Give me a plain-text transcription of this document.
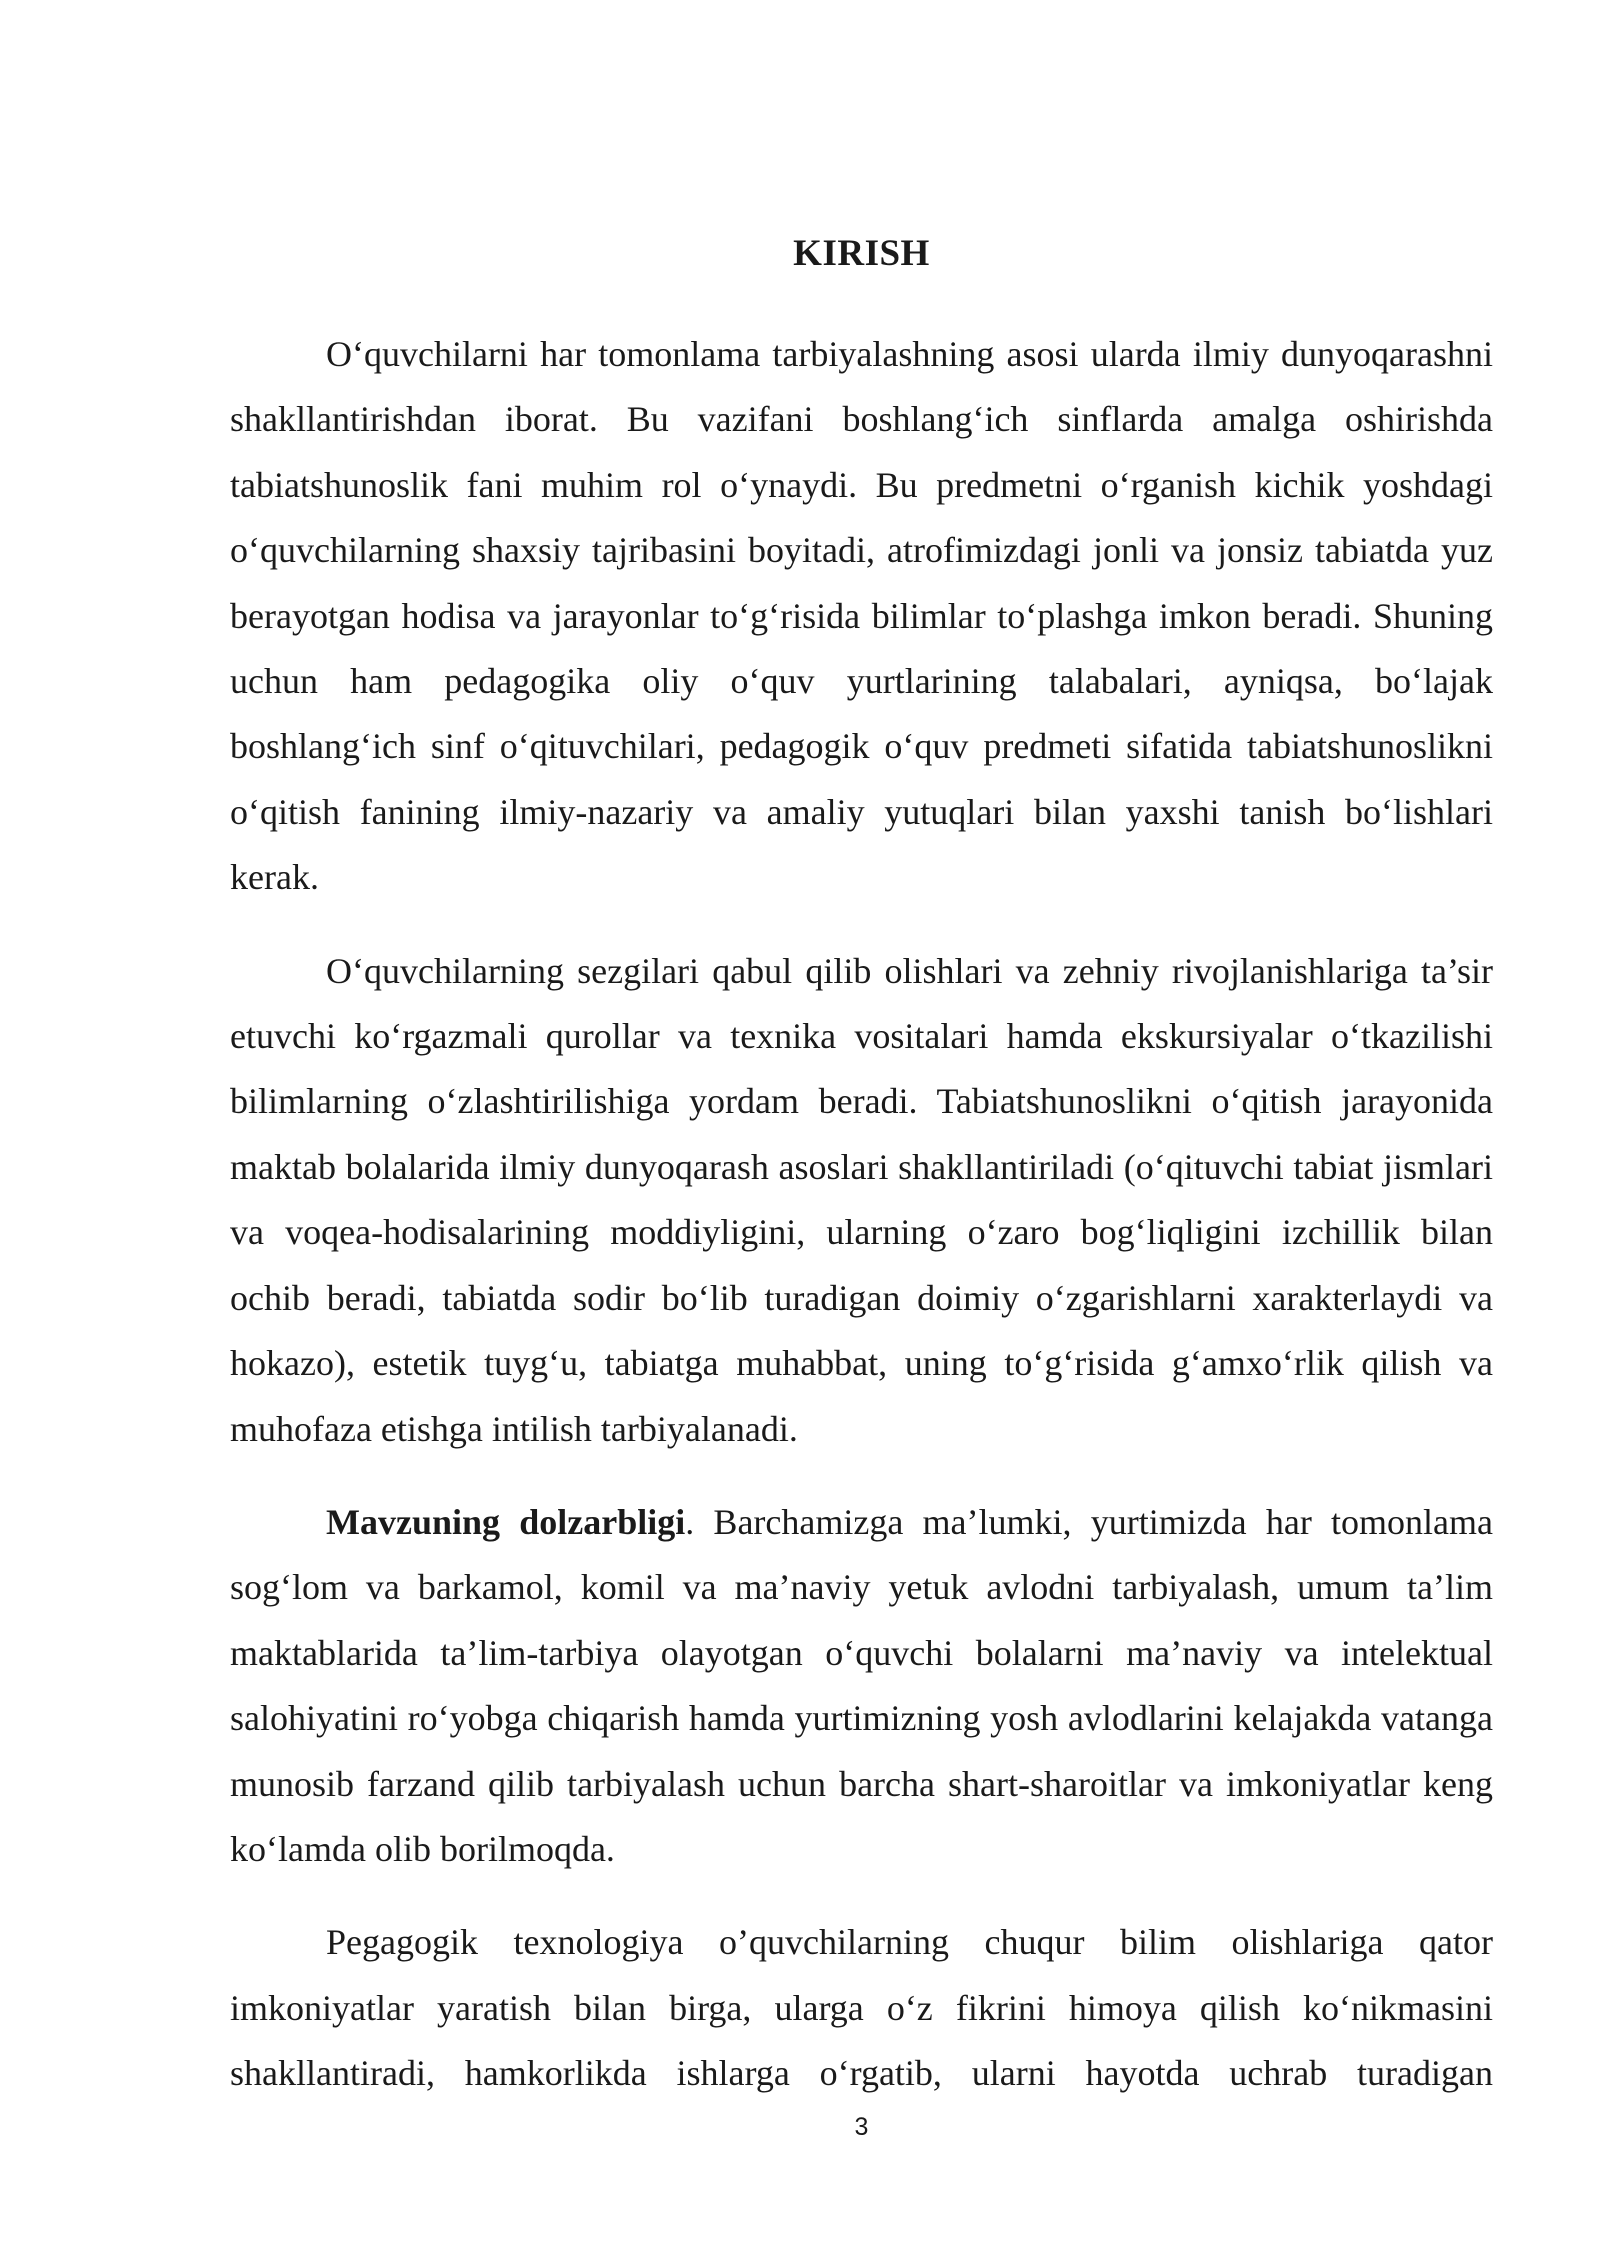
KIRISH

O‘quvchilarni har tomonlama tarbiyalashning asosi ularda ilmiy dunyoqarashni shakllantirishdan iborat. Bu vazifani boshlang‘ich sinflarda amalga oshirishda tabiatshunoslik fani muhim rol o‘ynaydi. Bu predmetni o‘rganish kichik yoshdagi o‘quvchilarning shaxsiy tajribasini boyitadi, atrofimizdagi jonli va jonsiz tabiatda yuz berayotgan hodisa va jarayonlar to‘g‘risida bilimlar to‘plashga imkon beradi. Shuning uchun ham pedagogika oliy o‘quv yurtlarining talabalari, ayniqsa, bo‘lajak boshlang‘ich sinf o‘qituvchilari, pedagogik o‘quv predmeti sifatida tabiatshunoslikni o‘qitish fanining ilmiy-nazariy va amaliy yutuqlari bilan yaxshi tanish bo‘lishlari kerak.

O‘quvchilarning sezgilari qabul qilib olishlari va zehniy rivojlanishlariga ta’sir etuvchi ko‘rgazmali qurollar va texnika vositalari hamda ekskursiyalar o‘tkazilishi bilimlarning o‘zlashtirilishiga yordam beradi. Tabiatshunoslikni o‘qitish jarayonida maktab bolalarida ilmiy dunyoqarash asoslari shakllantiriladi (o‘qituvchi tabiat jismlari va voqea-hodisalarining moddiyligini, ularning o‘zaro bog‘liqligini izchillik bilan ochib beradi, tabiatda sodir bo‘lib turadigan doimiy o‘zgarishlarni xarakterlaydi va hokazo), estetik tuyg‘u, tabiatga muhabbat, uning to‘g‘risida g‘amxo‘rlik qilish va muhofaza etishga intilish tarbiyalanadi.

Mavzuning dolzarbligi. Barchamizga ma’lumki, yurtimizda har tomonlama sog‘lom va barkamol, komil va ma’naviy yetuk avlodni tarbiyalash, umum ta’lim maktablarida ta’lim-tarbiya olayotgan o‘quvchi bolalarni ma’naviy va intelektual salohiyatini ro‘yobga chiqarish hamda yurtimizning yosh avlodlarini kelajakda vatanga munosib farzand qilib tarbiyalash uchun barcha shart-sharoitlar va imkoniyatlar keng ko‘lamda olib borilmoqda.

Pegagogik texnologiya o’quvchilarning chuqur bilim olishlariga qator imkoniyatlar yaratish bilan birga, ularga o‘z fikrini himoya qilish ko‘nikmasini shakllantiradi, hamkorlikda ishlarga o‘rgatib, ularni hayotda uchrab turadigan

3
